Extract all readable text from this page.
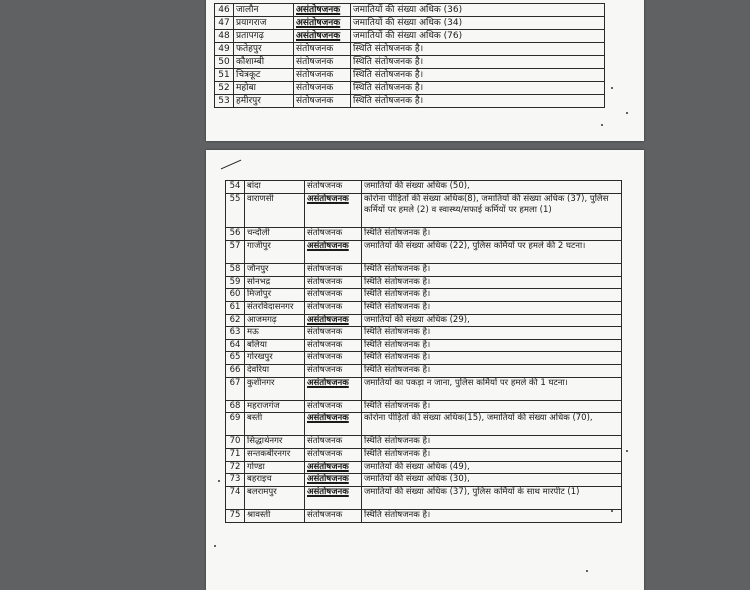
46	जालौन	असंतोषजनक	जमातियों की संख्या अधिक (36)
47	प्रयागराज	असंतोषजनक	जमातियों की संख्या अधिक (34)
48	प्रतापगढ़	असंतोषजनक	जमातियों की संख्या अधिक (76)
49	फतेहपुर	संतोषजनक	स्थिति संतोषजनक है।
50	कौशाम्बी	संतोषजनक	स्थिति संतोषजनक है।
51	चित्रकूट	संतोषजनक	स्थिति संतोषजनक है।
52	महोबा	संतोषजनक	स्थिति संतोषजनक है।
53	हमीरपुर	संतोषजनक	स्थिति संतोषजनक है।
54	बांदा	संतोषजनक	जमातियों की संख्या अधिक (50),
55	वाराणसी	असंतोषजनक	कोरोना पीड़ितों की संख्या अधिक(8), जमातियों की संख्या अधिक (37), पुलिस कर्मियों पर हमले (2) व स्वास्थ्य/सफाई कर्मियों पर हमला (1)
56	चन्दौली	संतोषजनक	स्थिति संतोषजनक है।
57	गाजीपुर	असंतोषजनक	जमातियों की संख्या अधिक (22), पुलिस कर्मियों पर हमले की 2 घटना।
58	जौनपुर	संतोषजनक	स्थिति संतोषजनक है।
59	सोनभद्र	संतोषजनक	स्थिति संतोषजनक है।
60	मिर्जापुर	संतोषजनक	स्थिति संतोषजनक है।
61	संतरविदासनगर	संतोषजनक	स्थिति संतोषजनक है।
62	आजमगढ़	असंतोषजनक	जमातियों की संख्या अधिक (29),
63	मऊ	संतोषजनक	स्थिति संतोषजनक है।
64	बलिया	संतोषजनक	स्थिति संतोषजनक है।
65	गोरखपुर	संतोषजनक	स्थिति संतोषजनक है।
66	देवरिया	संतोषजनक	स्थिति संतोषजनक है।
67	कुशीनगर	असंतोषजनक	जमातियों का पकड़ा न जाना, पुलिस कर्मियों पर हमले की 1 घटना।
68	महराजगंज	संतोषजनक	स्थिति संतोषजनक है।
69	बस्ती	असंतोषजनक	कोरोना पीड़ितों की संख्या अधिक(15), जमातियों की संख्या अधिक (70),
70	सिद्धार्थनगर	संतोषजनक	स्थिति संतोषजनक है।
71	सन्तकबीरनगर	संतोषजनक	स्थिति संतोषजनक है।
72	गोण्डा	असंतोषजनक	जमातियों की संख्या अधिक (49),
73	बहराइच	असंतोषजनक	जमातियों की संख्या अधिक (30),
74	बलरामपुर	असंतोषजनक	जमातियों की संख्या अधिक (37), पुलिस कर्मियों के साथ मारपीट (1)
75	श्रावस्ती	संतोषजनक	स्थिति संतोषजनक है।
